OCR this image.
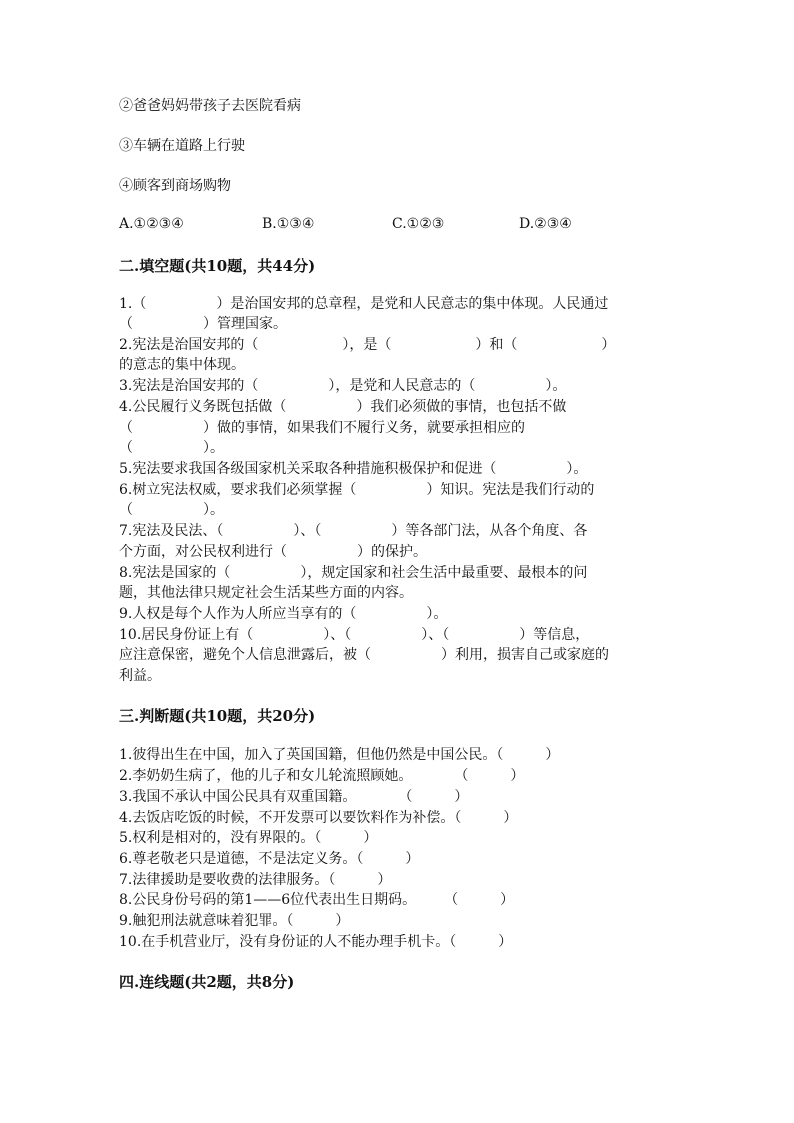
②爸爸妈妈带孩子去医院看病
③车辆在道路上行驶
④顾客到商场购物
A.①②③④	B.①③④	C.①②③	D.②③④
二.填空题(共10题，共44分)
1.（　　　　　）是治国安邦的总章程，是党和人民意志的集中体现。人民通过
（　　　　　）管理国家。
2.宪法是治国安邦的（　　　　　　），是（　　　　　　）和（　　　　　　）
的意志的集中体现。
3.宪法是治国安邦的（　　　　　），是党和人民意志的（　　　　　）。
4.公民履行义务既包括做（　　　　　）我们必须做的事情，也包括不做
（　　　　　）做的事情，如果我们不履行义务，就要承担相应的
（　　　　　）。
5.宪法要求我国各级国家机关采取各种措施积极保护和促进（　　　　　）。
6.树立宪法权威，要求我们必须掌握（　　　　　）知识。宪法是我们行动的
（　　　　　）。
7.宪法及民法、（　　　　　）、（　　　　　）等各部门法，从各个角度、各
个方面，对公民权利进行（　　　　　）的保护。
8.宪法是国家的（　　　　　），规定国家和社会生活中最重要、最根本的问
题，其他法律只规定社会生活某些方面的内容。
9.人权是每个人作为人所应当享有的（　　　　　）。
10.居民身份证上有（　　　　　）、（　　　　　）、（　　　　　）等信息，
应注意保密，避免个人信息泄露后，被（　　　　　）利用，损害自己或家庭的
利益。
三.判断题(共10题，共20分)
1.彼得出生在中国，加入了英国国籍，但他仍然是中国公民。（　　　）
2.李奶奶生病了，他的儿子和女儿轮流照顾她。　　　　（　　　）
3.我国不承认中国公民具有双重国籍。　　　　（　　　）
4.去饭店吃饭的时候，不开发票可以要饮料作为补偿。（　　　）
5.权利是相对的，没有界限的。（　　　）
6.尊老敬老只是道德，不是法定义务。（　　　）
7.法律援助是要收费的法律服务。（　　　）
8.公民身份号码的第1——6位代表出生日期码。　　　（　　　）
9.触犯刑法就意味着犯罪。（　　　）
10.在手机营业厅，没有身份证的人不能办理手机卡。（　　　）
四.连线题(共2题，共8分)
